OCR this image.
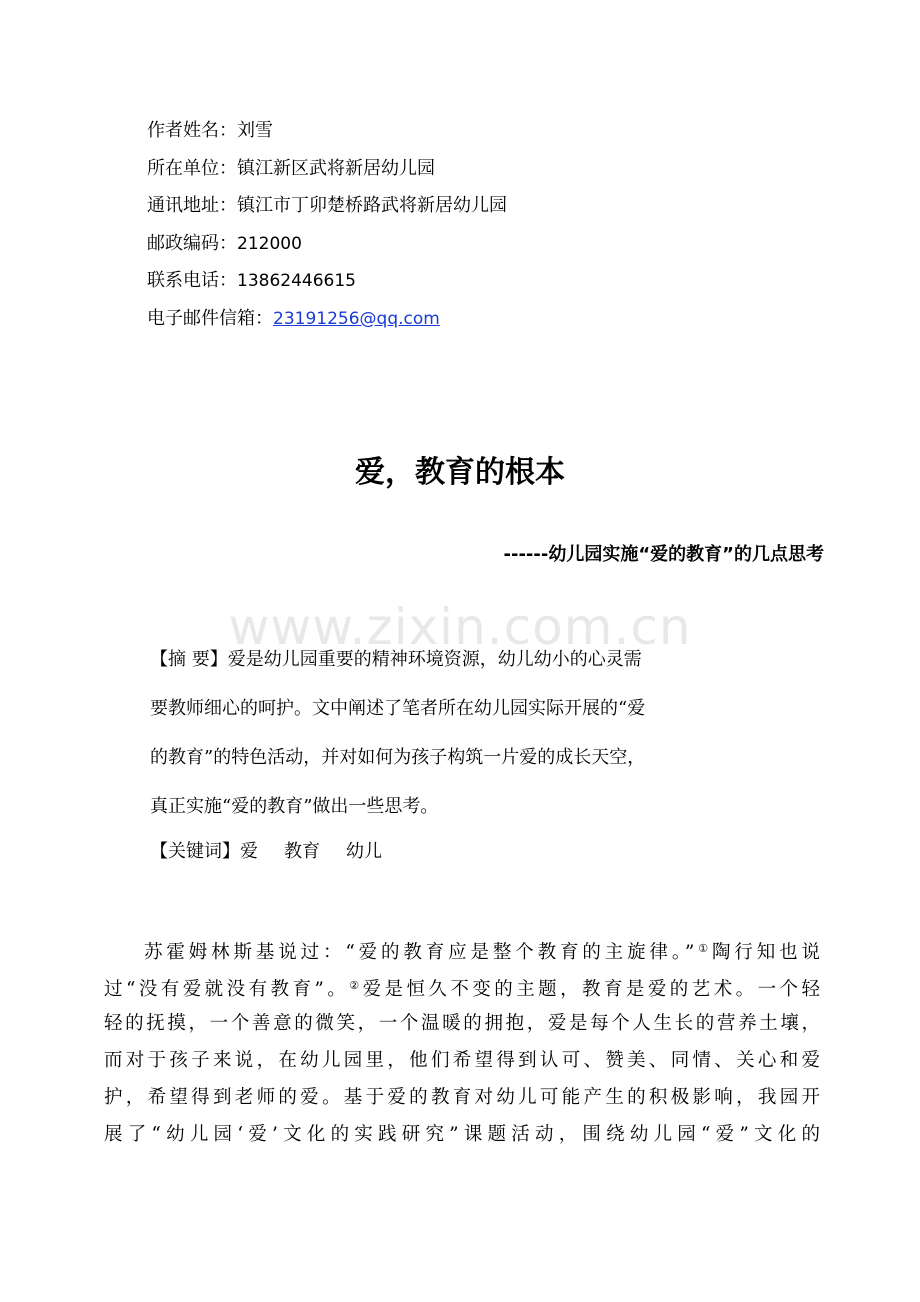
作者姓名：刘雪
所在单位：镇江新区武将新居幼儿园
通讯地址：镇江市丁卯楚桥路武将新居幼儿园
邮政编码：212000
联系电话：13862446615
电子邮件信箱：23191256@qq.com
爱，教育的根本
------幼儿园实施“爱的教育”的几点思考
www.zixin.com.cn
【摘 要】爱是幼儿园重要的精神环境资源，幼儿幼小的心灵需
要教师细心的呵护。文中阐述了笔者所在幼儿园实际开展的“爱
的教育”的特色活动，并对如何为孩子构筑一片爱的成长天空，
真正实施“爱的教育”做出一些思考。
【关键词】爱 教育 幼儿
苏霍姆林斯基说过：“爱的教育应是整个教育的主旋律。”①陶行知也说
过“没有爱就没有教育”。②爱是恒久不变的主题，教育是爱的艺术。一个轻
轻的抚摸，一个善意的微笑，一个温暖的拥抱，爱是每个人生长的营养土壤，
而对于孩子来说，在幼儿园里，他们希望得到认可、赞美、同情、关心和爱
护，希望得到老师的爱。基于爱的教育对幼儿可能产生的积极影响，我园开
展了“幼儿园‘爱’文化的实践研究”课题活动，围绕幼儿园“爱”文化的
